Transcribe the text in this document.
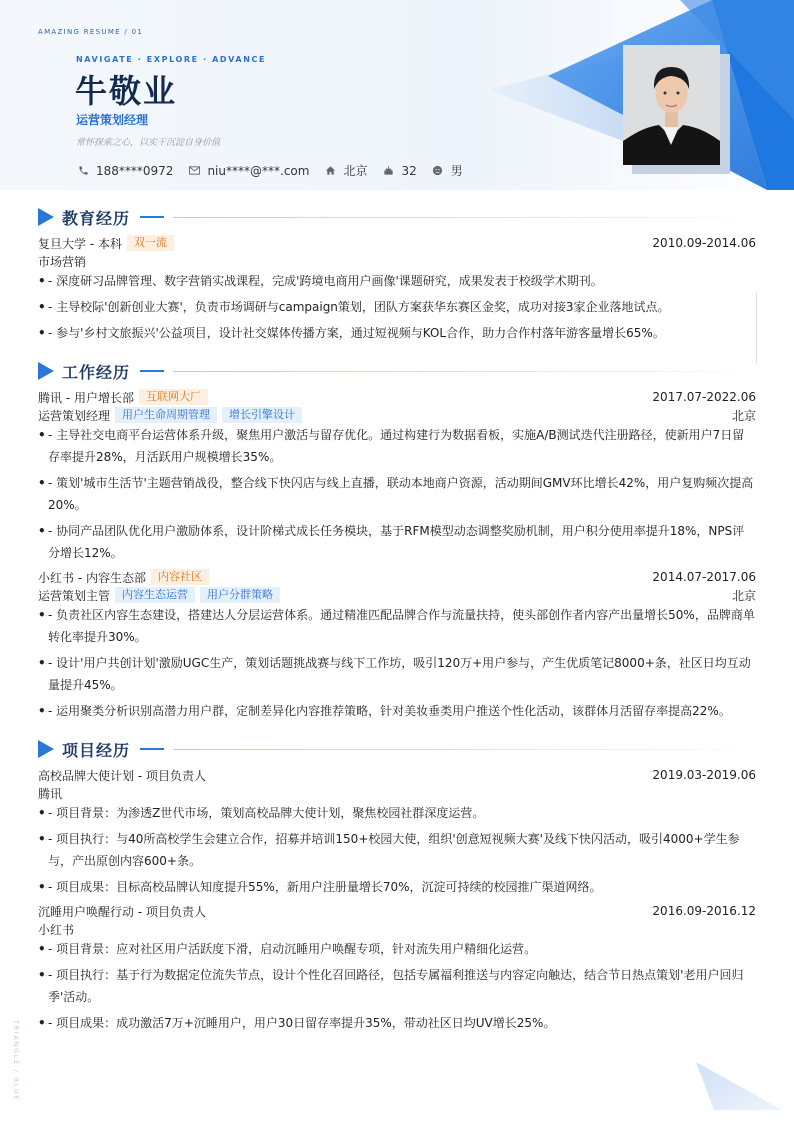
AMAZING RESUME / 01
NAVIGATE · EXPLORE · ADVANCE
牛敬业
运营策划经理
常怀探索之心，以实干沉淀自身价值
188****0972	niu****@***.com	北京	32	男
教育经历
复旦大学 - 本科	双一流	2010.09-2014.06
市场营销
• - 深度研习品牌管理、数字营销实战课程，完成'跨境电商用户画像'课题研究，成果发表于校级学术期刊。
• - 主导校际'创新创业大赛'，负责市场调研与campaign策划，团队方案获华东赛区金奖，成功对接3家企业落地试点。
• - 参与'乡村文旅振兴'公益项目，设计社交媒体传播方案，通过短视频与KOL合作，助力合作村落年游客量增长65%。
工作经历
腾讯 - 用户增长部	互联网大厂	2017.07-2022.06
运营策划经理	用户生命周期管理	增长引擎设计	北京
• - 主导社交电商平台运营体系升级，聚焦用户激活与留存优化。通过构建行为数据看板，实施A/B测试迭代注册路径，使新用户7日留存率提升28%，月活跃用户规模增长35%。
• - 策划'城市生活节'主题营销战役，整合线下快闪店与线上直播，联动本地商户资源，活动期间GMV环比增长42%，用户复购频次提高20%。
• - 协同产品团队优化用户激励体系，设计阶梯式成长任务模块，基于RFM模型动态调整奖励机制，用户积分使用率提升18%，NPS评分增长12%。
小红书 - 内容生态部	内容社区	2014.07-2017.06
运营策划主管	内容生态运营	用户分群策略	北京
• - 负责社区内容生态建设，搭建达人分层运营体系。通过精准匹配品牌合作与流量扶持，使头部创作者内容产出量增长50%，品牌商单转化率提升30%。
• - 设计'用户共创计划'激励UGC生产，策划话题挑战赛与线下工作坊，吸引120万+用户参与，产生优质笔记8000+条，社区日均互动量提升45%。
• - 运用聚类分析识别高潜力用户群，定制差异化内容推荐策略，针对美妆垂类用户推送个性化活动，该群体月活留存率提高22%。
项目经历
高校品牌大使计划 - 项目负责人	2019.03-2019.06
腾讯
• - 项目背景：为渗透Z世代市场，策划高校品牌大使计划，聚焦校园社群深度运营。
• - 项目执行：与40所高校学生会建立合作，招募并培训150+校园大使，组织'创意短视频大赛'及线下快闪活动，吸引4000+学生参与，产出原创内容600+条。
• - 项目成果：目标高校品牌认知度提升55%，新用户注册量增长70%，沉淀可持续的校园推广渠道网络。
沉睡用户唤醒行动 - 项目负责人	2016.09-2016.12
小红书
• - 项目背景：应对社区用户活跃度下滑，启动沉睡用户唤醒专项，针对流失用户精细化运营。
• - 项目执行：基于行为数据定位流失节点，设计个性化召回路径，包括专属福利推送与内容定向触达，结合节日热点策划'老用户回归季'活动。
• - 项目成果：成功激活7万+沉睡用户，用户30日留存率提升35%，带动社区日均UV增长25%。
TRIANGLE / BLUE
